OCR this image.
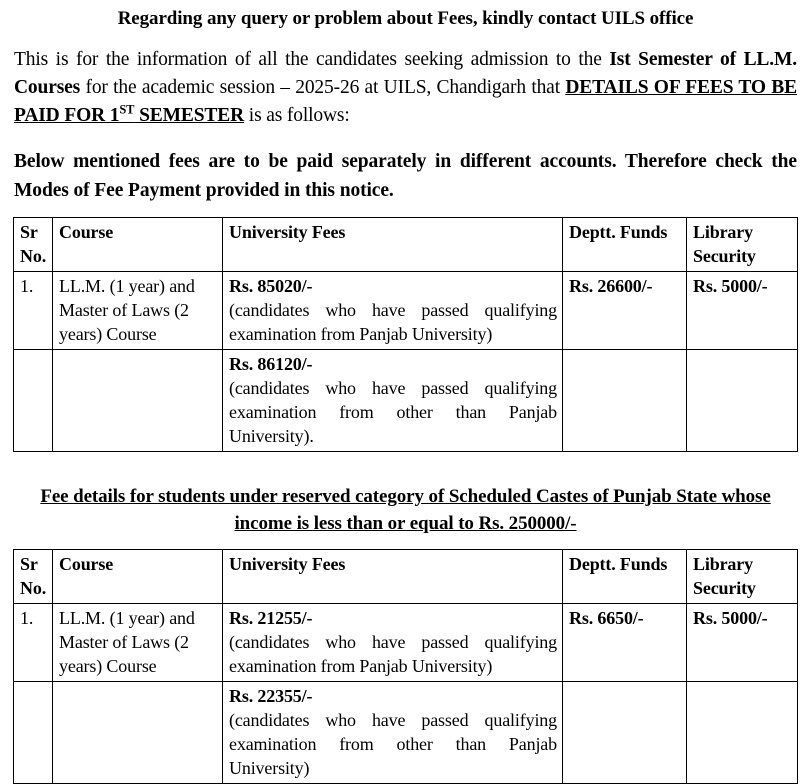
Regarding any query or problem about Fees, kindly contact UILS office

This is for the information of all the candidates seeking admission to the Ist Semester of LL.M. Courses for the academic session – 2025-26 at UILS, Chandigarh that DETAILS OF FEES TO BE PAID FOR 1ST SEMESTER is as follows:

Below mentioned fees are to be paid separately in different accounts. Therefore check the Modes of Fee Payment provided in this notice.

Sr No.	Course	University Fees	Deptt. Funds	Library Security
1.	LL.M. (1 year) and Master of Laws (2 years) Course	Rs. 85020/-
(candidates who have passed qualifying examination from Panjab University)	Rs. 26600/-	Rs. 5000/-

		Rs. 86120/-
(candidates who have passed qualifying examination from other than Panjab University).		

Fee details for students under reserved category of Scheduled Castes of Punjab State whose income is less than or equal to Rs. 250000/-
Sr No.	Course	University Fees	Deptt. Funds	Library Security
1.	LL.M. (1 year) and Master of Laws (2 years) Course	Rs. 21255/-
(candidates who have passed qualifying examination from Panjab University)	Rs. 6650/-	Rs. 5000/-

		Rs. 22355/-
(candidates who have passed qualifying examination from other than Panjab University)		
